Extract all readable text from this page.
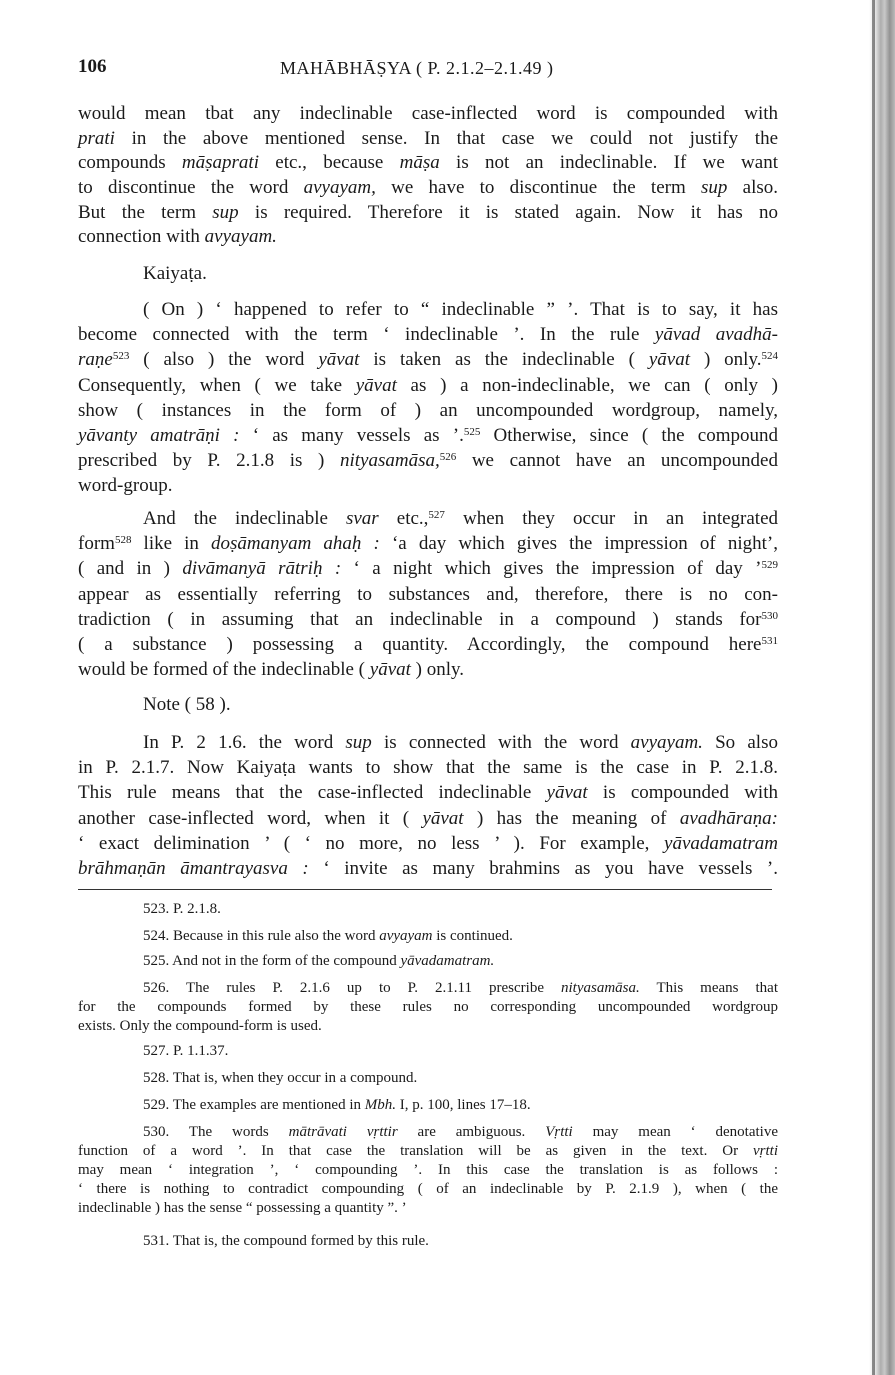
106	MAHĀBHĀṢYA ( P. 2.1.2–2.1.49 )
would mean tbat any indeclinable case-inflected word is compounded with
prati in the above mentioned sense. In that case we could not justify the
compounds māṣaprati etc., because māṣa is not an indeclinable. If we want
to discontinue the word avyayam, we have to discontinue the term sup also.
But the term sup is required. Therefore it is stated again. Now it has no
connection with avyayam.
Kaiyaṭa.
( On ) ‘ happened to refer to “ indeclinable ” ’. That is to say, it has
become connected with the term ‘ indeclinable ’. In the rule yāvad avadhā-
raṇe$^{523}$ ( also ) the word yāvat is taken as the indeclinable ( yāvat ) only.$^{524}$
Consequently, when ( we take yāvat as ) a non-indeclinable, we can ( only )
show ( instances in the form of ) an uncompounded wordgroup, namely,
yāvanty amatrāṇi : ‘ as many vessels as ’.$^{525}$ Otherwise, since ( the compound
prescribed by P. 2.1.8 is ) nityasamāsa,$^{526}$ we cannot have an uncompounded
word-group.
And the indeclinable svar etc.,$^{527}$ when they occur in an integrated
form$^{528}$ like in doṣāmanyam ahaḥ : ‘a day which gives the impression of night’,
( and in ) divāmanyā rātriḥ : ‘ a night which gives the impression of day ’$^{529}$
appear as essentially referring to substances and, therefore, there is no con-
tradiction ( in assuming that an indeclinable in a compound ) stands for$^{530}$
( a substance ) possessing a quantity. Accordingly, the compound here$^{531}$
would be formed of the indeclinable ( yāvat ) only.
Note ( 58 ).
In P. 2 1.6. the word sup is connected with the word avyayam. So also
in P. 2.1.7. Now Kaiyaṭa wants to show that the same is the case in P. 2.1.8.
This rule means that the case-inflected indeclinable yāvat is compounded with
another case-inflected word, when it ( yāvat ) has the meaning of avadhāraṇa:
‘ exact delimination ’ ( ‘ no more, no less ’ ). For example, yāvadamatram
brāhmaṇān āmantrayasva : ‘ invite as many brahmins as you have vessels ’.
523. P. 2.1.8.
524. Because in this rule also the word avyayam is continued.
525. And not in the form of the compound yāvadamatram.
526. The rules P. 2.1.6 up to P. 2.1.11 prescribe nityasamāsa. This means that
for the compounds formed by these rules no corresponding uncompounded wordgroup
exists. Only the compound-form is used.
527. P. 1.1.37.
528. That is, when they occur in a compound.
529. The examples are mentioned in Mbh. I, p. 100, lines 17–18.
530. The words mātrāvati vṛttir are ambiguous. Vṛtti may mean ‘ denotative
function of a word ’. In that case the translation will be as given in the text. Or vṛtti
may mean ‘ integration ’, ‘ compounding ’. In this case the translation is as follows :
‘ there is nothing to contradict compounding ( of an indeclinable by P. 2.1.9 ), when ( the
indeclinable ) has the sense “ possessing a quantity ”. ’
531. That is, the compound formed by this rule.
